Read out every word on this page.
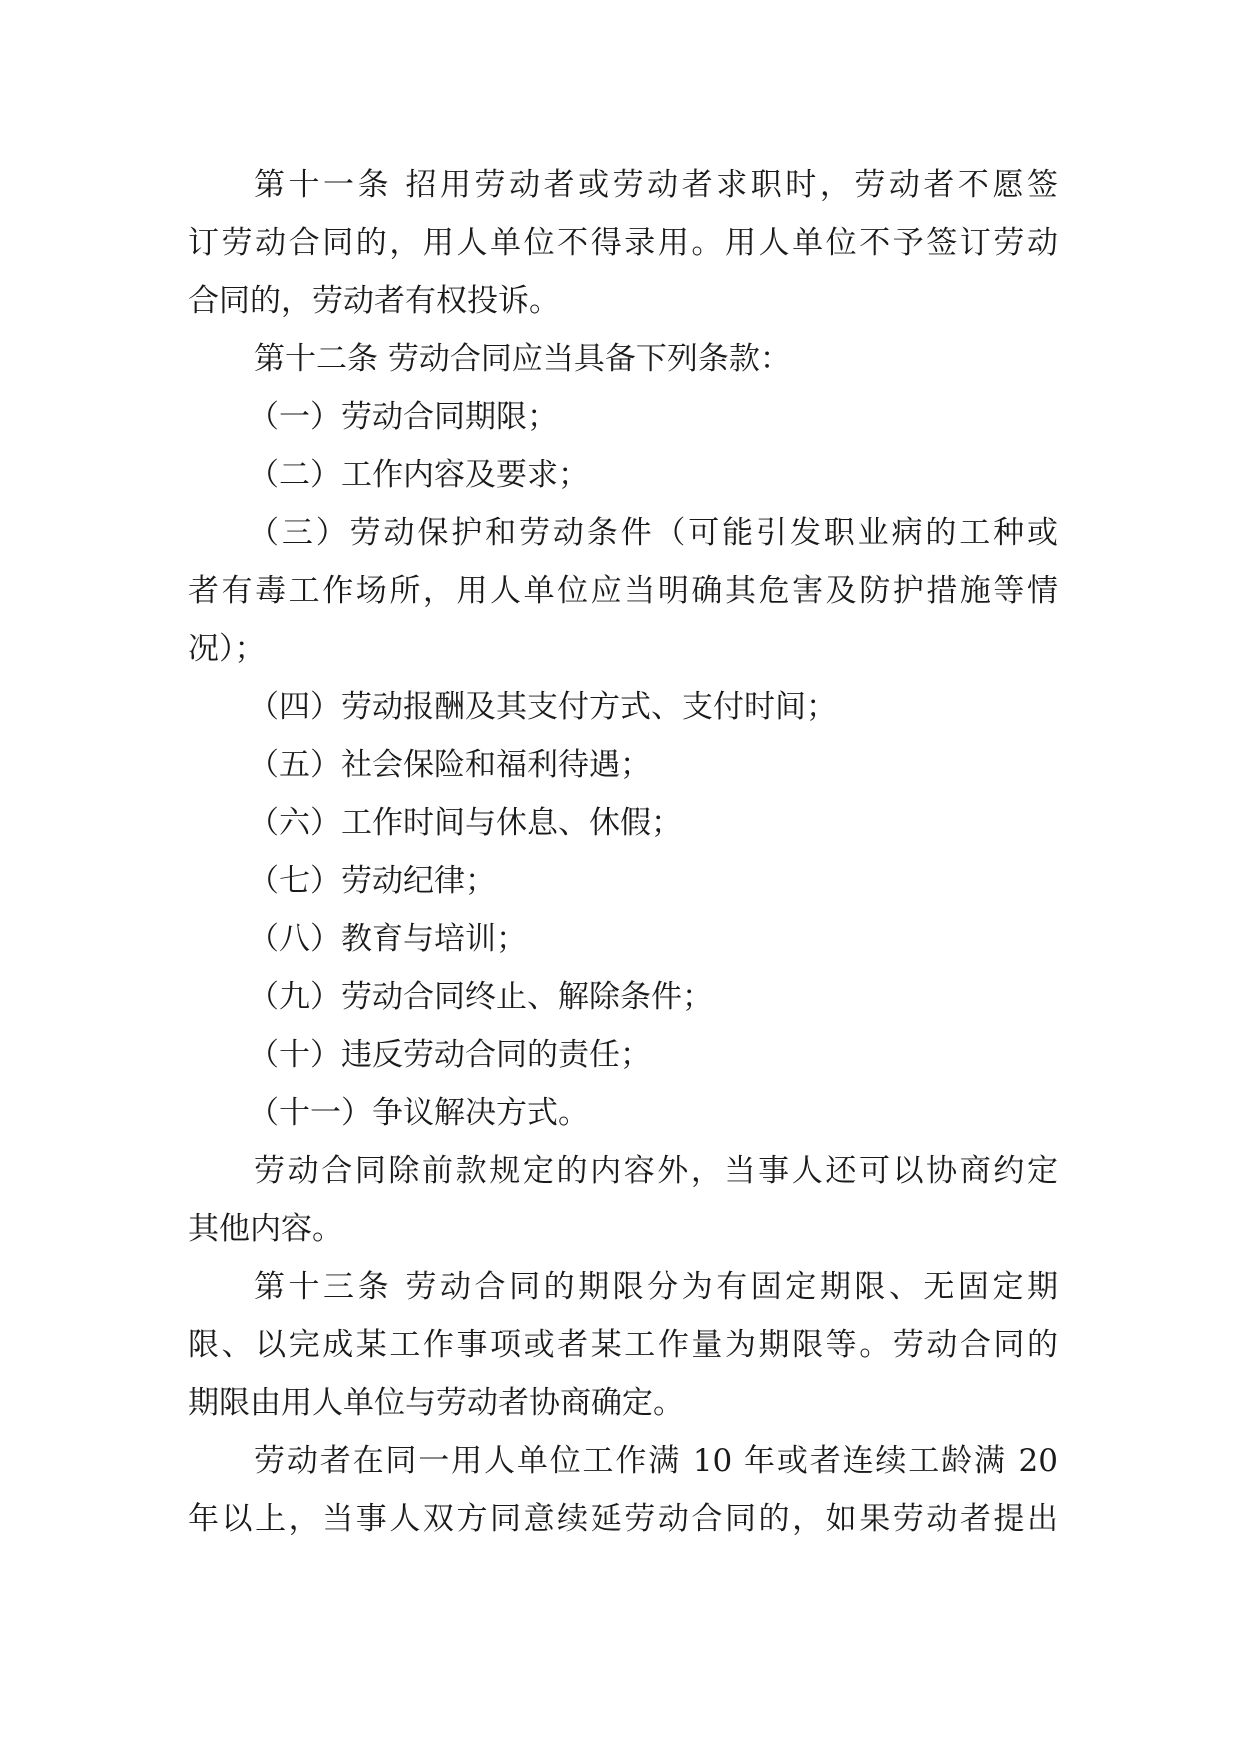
第十一条 招用劳动者或劳动者求职时，劳动者不愿签
订劳动合同的，用人单位不得录用。用人单位不予签订劳动
合同的，劳动者有权投诉。
第十二条 劳动合同应当具备下列条款：
（一）劳动合同期限；
（二）工作内容及要求；
（三）劳动保护和劳动条件（可能引发职业病的工种或
者有毒工作场所，用人单位应当明确其危害及防护措施等情
况）；
（四）劳动报酬及其支付方式、支付时间；
（五）社会保险和福利待遇；
（六）工作时间与休息、休假；
（七）劳动纪律；
（八）教育与培训；
（九）劳动合同终止、解除条件；
（十）违反劳动合同的责任；
（十一）争议解决方式。
劳动合同除前款规定的内容外，当事人还可以协商约定
其他内容。
第十三条 劳动合同的期限分为有固定期限、无固定期
限、以完成某工作事项或者某工作量为期限等。劳动合同的
期限由用人单位与劳动者协商确定。
劳动者在同一用人单位工作满 10 年或者连续工龄满 20
年以上，当事人双方同意续延劳动合同的，如果劳动者提出
